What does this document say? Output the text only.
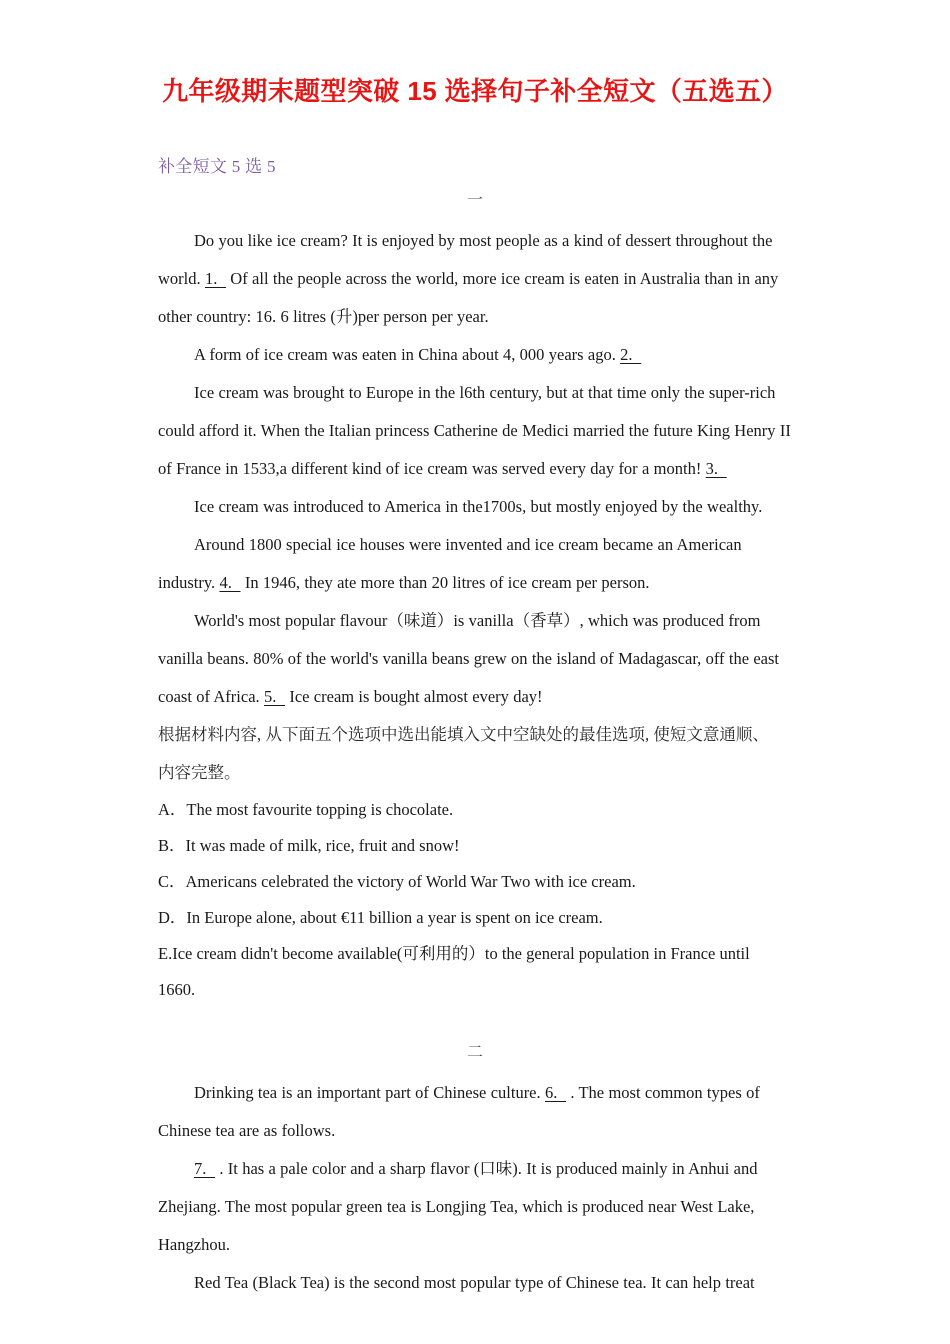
九年级期末题型突破 15 选择句子补全短文（五选五）
补全短文 5 选 5
一

Do you like ice cream? It is enjoyed by most people as a kind of dessert throughout the world. 1.   Of all the people across the world, more ice cream is eaten in Australia than in any other country: 16. 6 litres (升)per person per year.

A form of ice cream was eaten in China about 4, 000 years ago. 2.

Ice cream was brought to Europe in the l6th century, but at that time only the super-rich could afford it. When the Italian princess Catherine de Medici married the future King Henry II of France in 1533,a different kind of ice cream was served every day for a month! 3.

Ice cream was introduced to America in the1700s, but mostly enjoyed by the wealthy.

Around 1800 special ice houses were invented and ice cream became an American industry. 4.   In 1946, they ate more than 20 litres of ice cream per person.

World's most popular flavour（味道）is vanilla（香草）, which was produced from vanilla beans. 80% of the world's vanilla beans grew on the island of Madagascar, off the east coast of Africa. 5.   Ice cream is bought almost every day!

根据材料内容, 从下面五个选项中选出能填入文中空缺处的最佳选项, 使短文意通顺、

内容完整。

A．The most favourite topping is chocolate.

B．It was made of milk, rice, fruit and snow!

C．Americans celebrated the victory of World War Two with ice cream.

D．In Europe alone, about €11 billion a year is spent on ice cream.

E.Ice cream didn't become available(可利用的）to the general population in France until

1660.

二

Drinking tea is an important part of Chinese culture. 6.   . The most common types of Chinese tea are as follows.

7.   . It has a pale color and a sharp flavor (口味). It is produced mainly in Anhui and Zhejiang. The most popular green tea is Longjing Tea, which is produced near West Lake, Hangzhou.

Red Tea (Black Tea) is the second most popular type of Chinese tea. It can help treat
